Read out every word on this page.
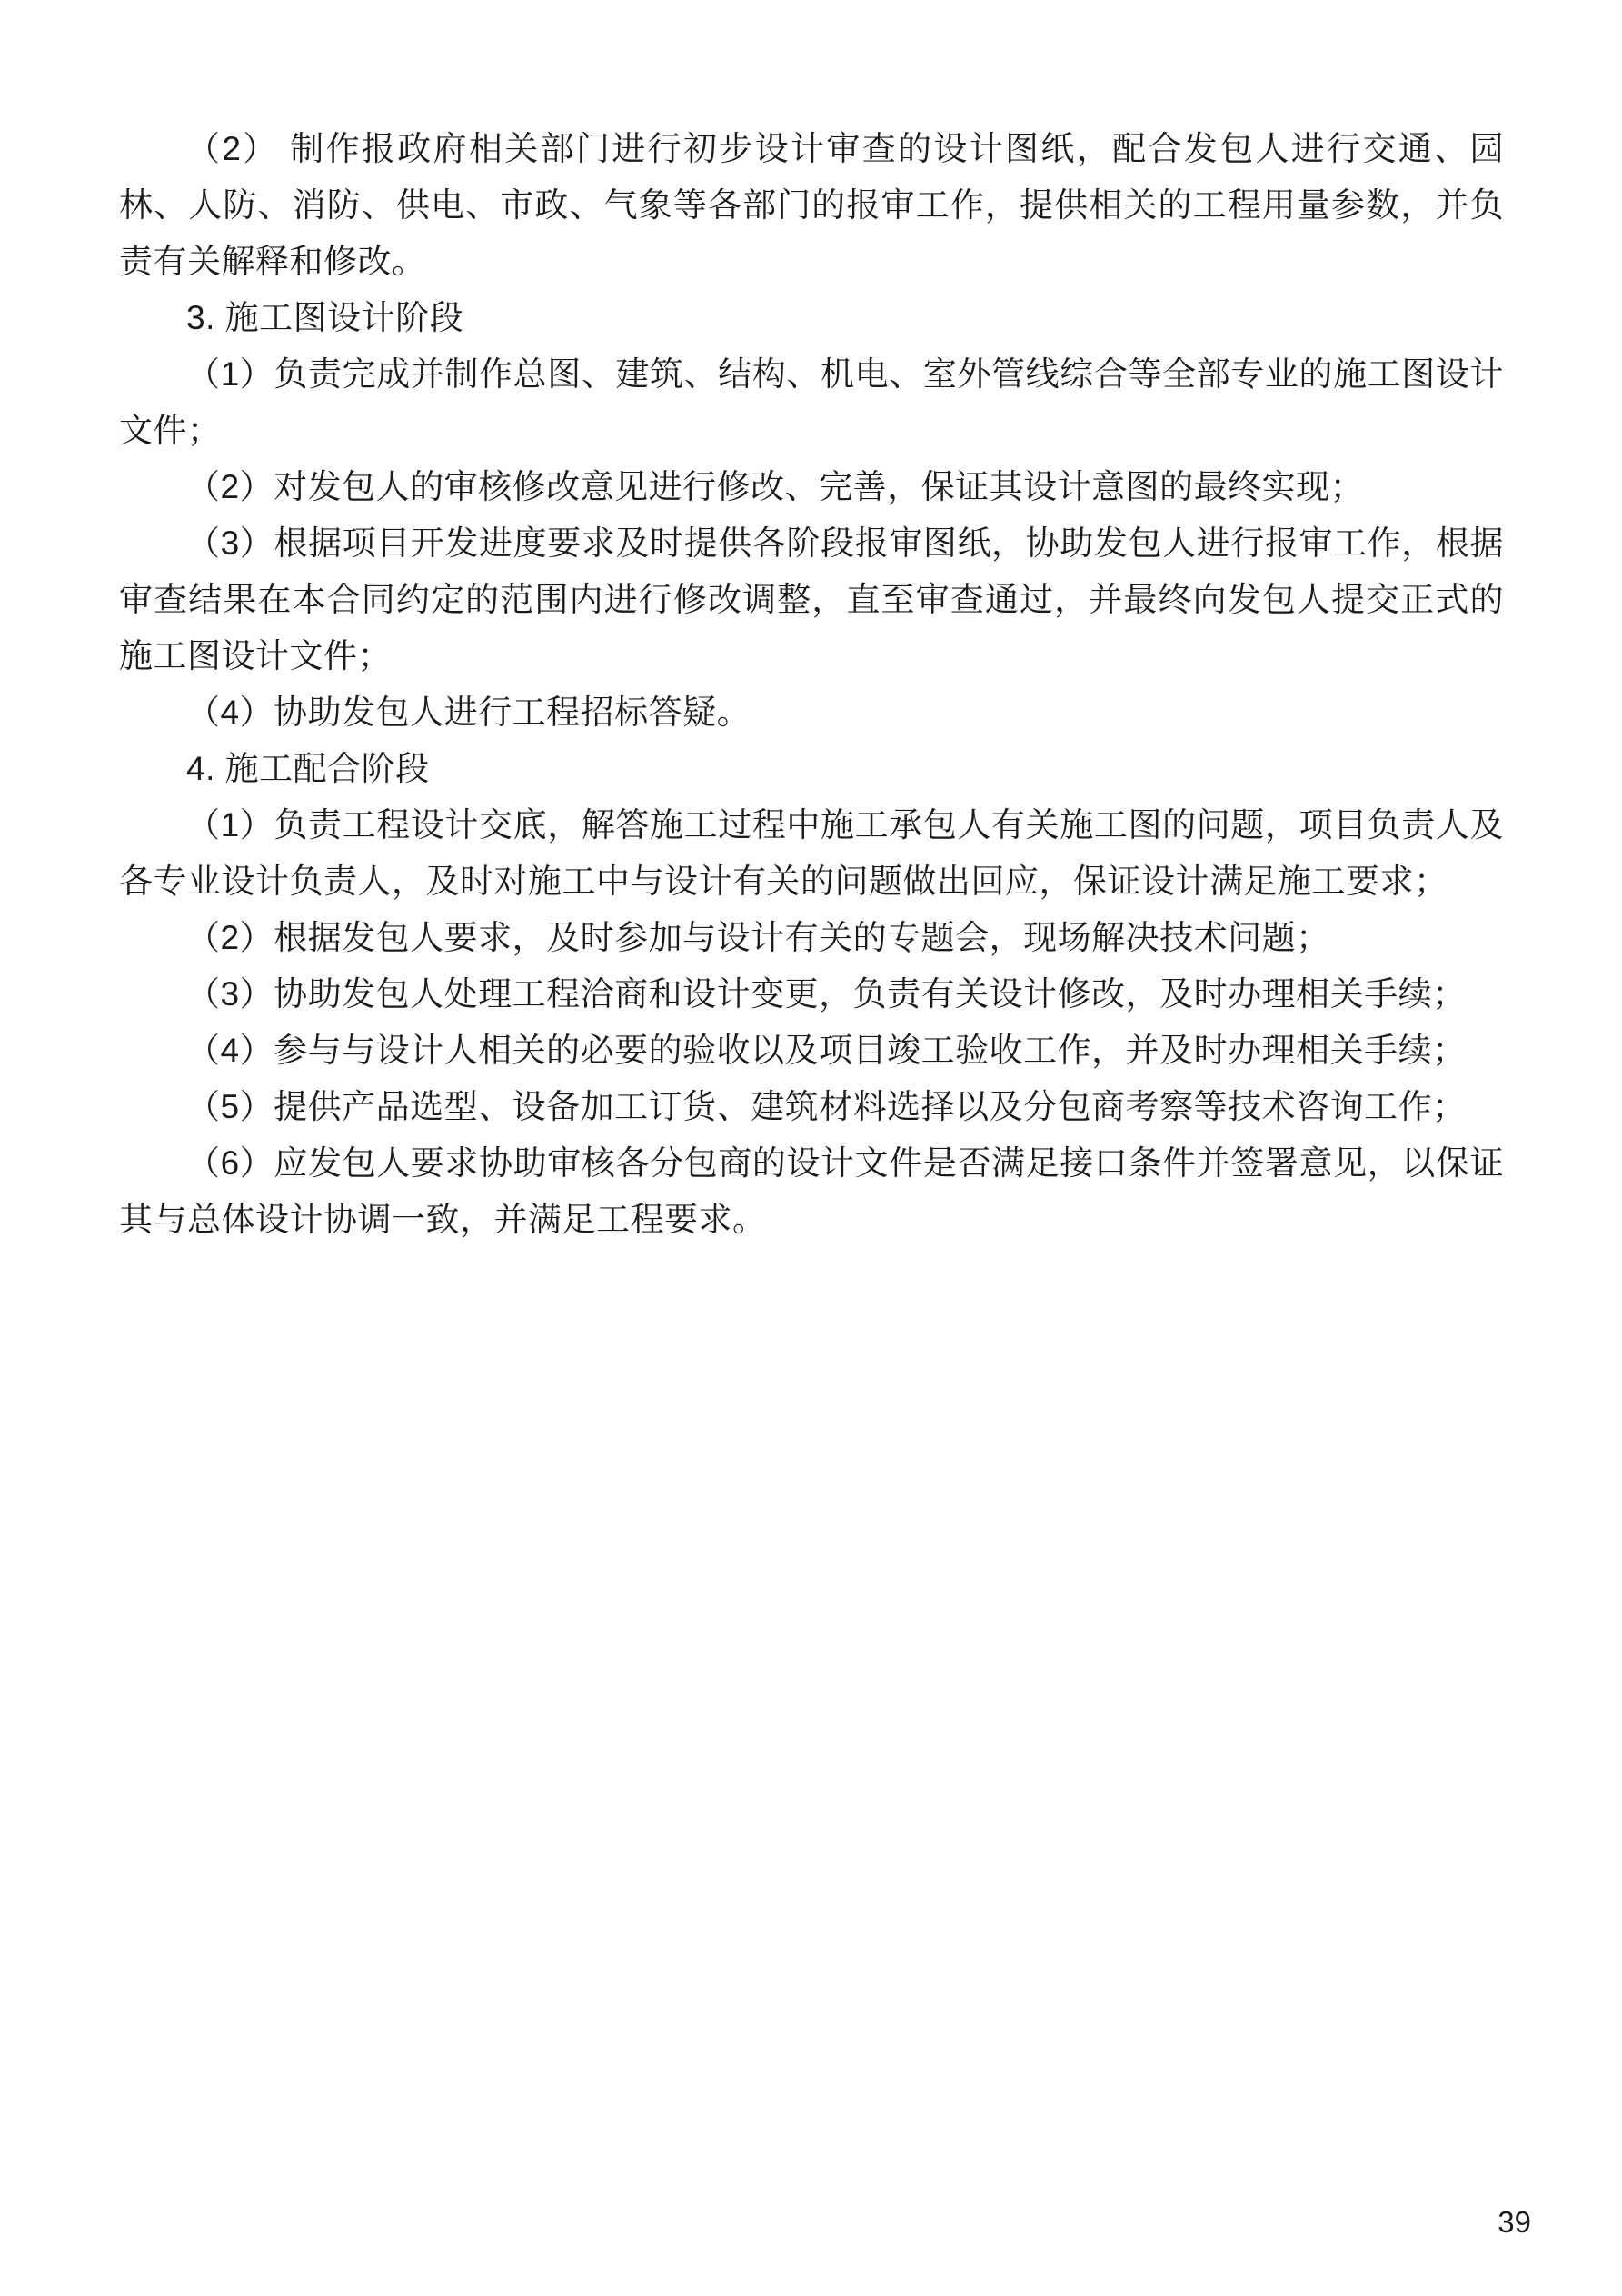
（2） 制作报政府相关部门进行初步设计审查的设计图纸，配合发包人进行交通、园林、人防、消防、供电、市政、气象等各部门的报审工作，提供相关的工程用量参数，并负责有关解释和修改。

3. 施工图设计阶段

（1）负责完成并制作总图、建筑、结构、机电、室外管线综合等全部专业的施工图设计文件；

（2）对发包人的审核修改意见进行修改、完善，保证其设计意图的最终实现；

（3）根据项目开发进度要求及时提供各阶段报审图纸，协助发包人进行报审工作，根据审查结果在本合同约定的范围内进行修改调整，直至审查通过，并最终向发包人提交正式的施工图设计文件；

（4）协助发包人进行工程招标答疑。

4. 施工配合阶段

（1）负责工程设计交底，解答施工过程中施工承包人有关施工图的问题，项目负责人及各专业设计负责人，及时对施工中与设计有关的问题做出回应，保证设计满足施工要求；

（2）根据发包人要求，及时参加与设计有关的专题会，现场解决技术问题；

（3）协助发包人处理工程洽商和设计变更，负责有关设计修改，及时办理相关手续；

（4）参与与设计人相关的必要的验收以及项目竣工验收工作，并及时办理相关手续；

（5）提供产品选型、设备加工订货、建筑材料选择以及分包商考察等技术咨询工作；

（6）应发包人要求协助审核各分包商的设计文件是否满足接口条件并签署意见，以保证其与总体设计协调一致，并满足工程要求。

39
